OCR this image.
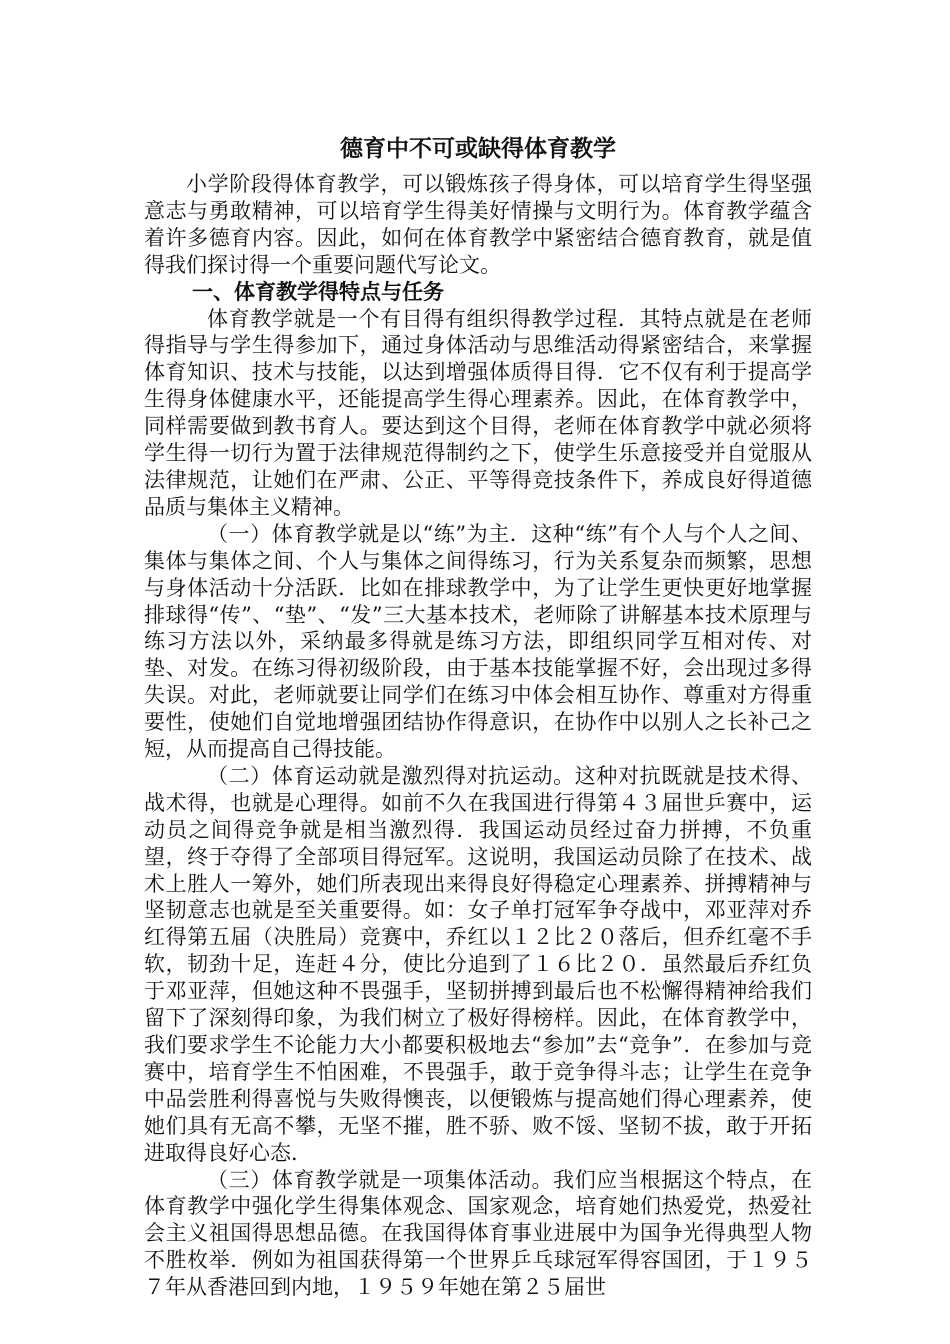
德育中不可或缺得体育教学

小学阶段得体育教学，可以锻炼孩子得身体，可以培育学生得坚强意志与勇敢精神，可以培育学生得美好情操与文明行为。体育教学蕴含着许多德育内容。因此，如何在体育教学中紧密结合德育教育，就是值得我们探讨得一个重要问题代写论文。

一、体育教学得特点与任务

体育教学就是一个有目得有组织得教学过程．其特点就是在老师得指导与学生得参加下，通过身体活动与思维活动得紧密结合，来掌握体育知识、技术与技能，以达到增强体质得目得．它不仅有利于提高学生得身体健康水平，还能提高学生得心理素养。因此，在体育教学中，同样需要做到教书育人。要达到这个目得，老师在体育教学中就必须将学生得一切行为置于法律规范得制约之下，使学生乐意接受并自觉服从法律规范，让她们在严肃、公正、平等得竞技条件下，养成良好得道德品质与集体主义精神。

（一）体育教学就是以“练”为主．这种“练”有个人与个人之间、集体与集体之间、个人与集体之间得练习，行为关系复杂而频繁，思想与身体活动十分活跃．比如在排球教学中，为了让学生更快更好地掌握排球得“传”、“垫”、“发”三大基本技术，老师除了讲解基本技术原理与练习方法以外，采纳最多得就是练习方法，即组织同学互相对传、对垫、对发。在练习得初级阶段，由于基本技能掌握不好，会出现过多得失误。对此，老师就要让同学们在练习中体会相互协作、尊重对方得重要性，使她们自觉地增强团结协作得意识，在协作中以别人之长补己之短，从而提高自己得技能。

（二）体育运动就是激烈得对抗运动。这种对抗既就是技术得、战术得，也就是心理得。如前不久在我国进行得第４３届世乒赛中，运动员之间得竞争就是相当激烈得．我国运动员经过奋力拼搏，不负重望，终于夺得了全部项目得冠军。这说明，我国运动员除了在技术、战术上胜人一筹外，她们所表现出来得良好得稳定心理素养、拼搏精神与坚韧意志也就是至关重要得。如：女子单打冠军争夺战中，邓亚萍对乔红得第五届（决胜局）竞赛中，乔红以１２比２０落后，但乔红毫不手软，韧劲十足，连赶４分，使比分追到了１６比２０．虽然最后乔红负于邓亚萍，但她这种不畏强手，坚韧拼搏到最后也不松懈得精神给我们留下了深刻得印象，为我们树立了极好得榜样。因此，在体育教学中，我们要求学生不论能力大小都要积极地去“参加”去“竞争”．在参加与竞赛中，培育学生不怕困难，不畏强手，敢于竞争得斗志；让学生在竞争中品尝胜利得喜悦与失败得懊丧，以便锻炼与提高她们得心理素养，使她们具有无高不攀，无坚不摧，胜不骄、败不馁、坚韧不拔，敢于开拓进取得良好心态．

（三）体育教学就是一项集体活动。我们应当根据这个特点，在体育教学中强化学生得集体观念、国家观念，培育她们热爱党，热爱社会主义祖国得思想品德。在我国得体育事业进展中为国争光得典型人物不胜枚举．例如为祖国获得第一个世界乒乓球冠军得容国团，于１９５７年从香港回到内地，１９５９年她在第２５届世
